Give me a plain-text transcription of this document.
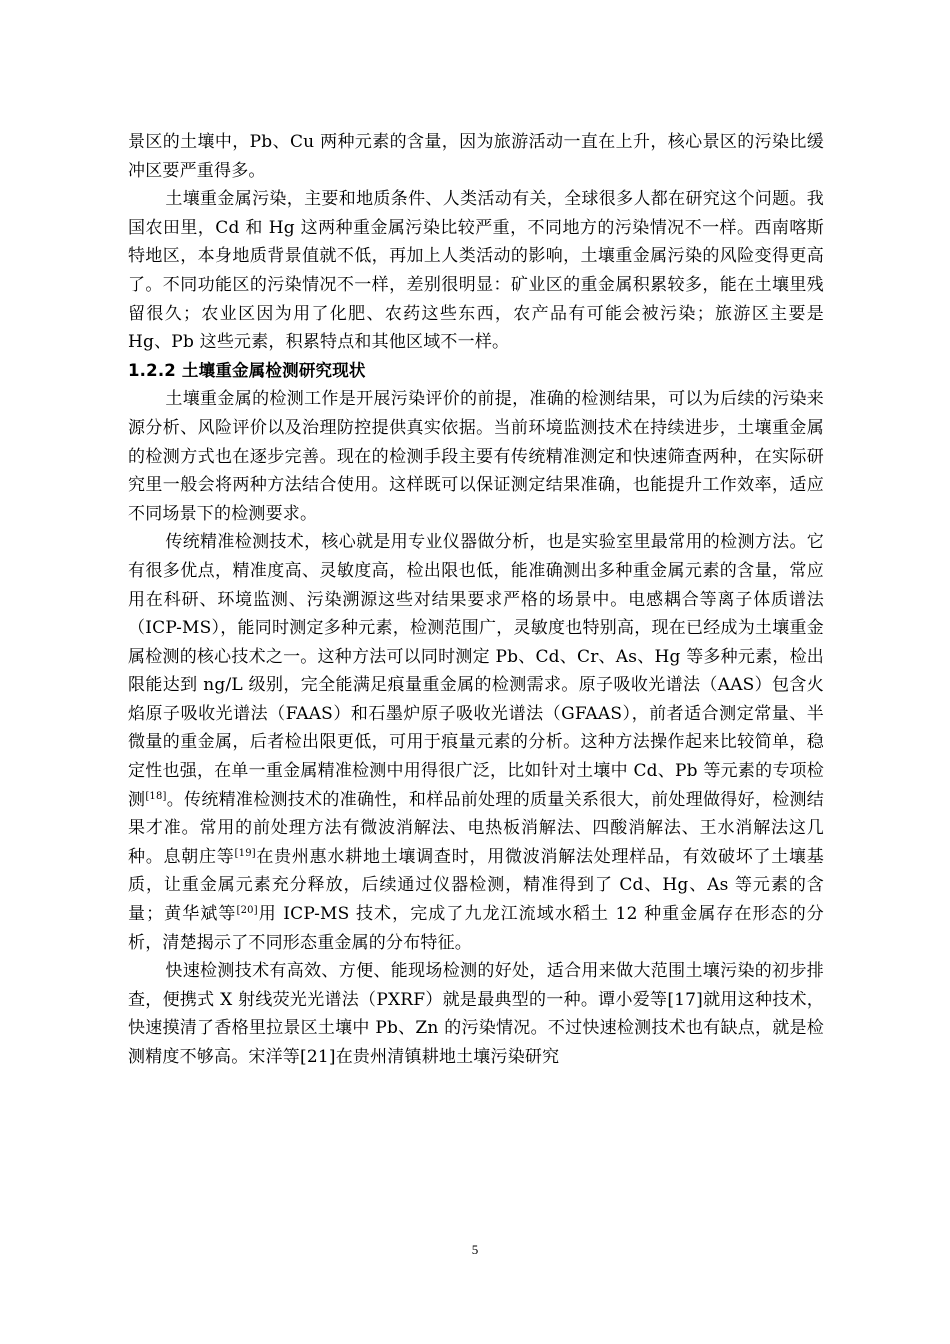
景区的土壤中，Pb、Cu 两种元素的含量，因为旅游活动一直在上升，核心景区的污染比缓冲区要严重得多。

土壤重金属污染，主要和地质条件、人类活动有关，全球很多人都在研究这个问题。我国农田里，Cd 和 Hg 这两种重金属污染比较严重，不同地方的污染情况不一样。西南喀斯特地区，本身地质背景值就不低，再加上人类活动的影响，土壤重金属污染的风险变得更高了。不同功能区的污染情况不一样，差别很明显：矿业区的重金属积累较多，能在土壤里残留很久；农业区因为用了化肥、农药这些东西，农产品有可能会被污染；旅游区主要是 Hg、Pb 这些元素，积累特点和其他区域不一样。

1.2.2 土壤重金属检测研究现状

土壤重金属的检测工作是开展污染评价的前提，准确的检测结果，可以为后续的污染来源分析、风险评价以及治理防控提供真实依据。当前环境监测技术在持续进步，土壤重金属的检测方式也在逐步完善。现在的检测手段主要有传统精准测定和快速筛查两种，在实际研究里一般会将两种方法结合使用。这样既可以保证测定结果准确，也能提升工作效率，适应不同场景下的检测要求。

传统精准检测技术，核心就是用专业仪器做分析，也是实验室里最常用的检测方法。它有很多优点，精准度高、灵敏度高，检出限也低，能准确测出多种重金属元素的含量，常应用在科研、环境监测、污染溯源这些对结果要求严格的场景中。电感耦合等离子体质谱法（ICP-MS），能同时测定多种元素，检测范围广，灵敏度也特别高，现在已经成为土壤重金属检测的核心技术之一。这种方法可以同时测定 Pb、Cd、Cr、As、Hg 等多种元素，检出限能达到 ng/L 级别，完全能满足痕量重金属的检测需求。原子吸收光谱法（AAS）包含火焰原子吸收光谱法（FAAS）和石墨炉原子吸收光谱法（GFAAS），前者适合测定常量、半微量的重金属，后者检出限更低，可用于痕量元素的分析。这种方法操作起来比较简单，稳定性也强，在单一重金属精准检测中用得很广泛，比如针对土壤中 Cd、Pb 等元素的专项检测[18]。传统精准检测技术的准确性，和样品前处理的质量关系很大，前处理做得好，检测结果才准。常用的前处理方法有微波消解法、电热板消解法、四酸消解法、王水消解法这几种。息朝庄等[19]在贵州惠水耕地土壤调查时，用微波消解法处理样品，有效破坏了土壤基质，让重金属元素充分释放，后续通过仪器检测，精准得到了 Cd、Hg、As 等元素的含量；黄华斌等[20]用 ICP-MS 技术，完成了九龙江流域水稻土 12 种重金属存在形态的分析，清楚揭示了不同形态重金属的分布特征。

快速检测技术有高效、方便、能现场检测的好处，适合用来做大范围土壤污染的初步排查，便携式 X 射线荧光光谱法（PXRF）就是最典型的一种。谭小爱等[17]就用这种技术，快速摸清了香格里拉景区土壤中 Pb、Zn 的污染情况。不过快速检测技术也有缺点，就是检测精度不够高。宋洋等[21]在贵州清镇耕地土壤污染研究

5
